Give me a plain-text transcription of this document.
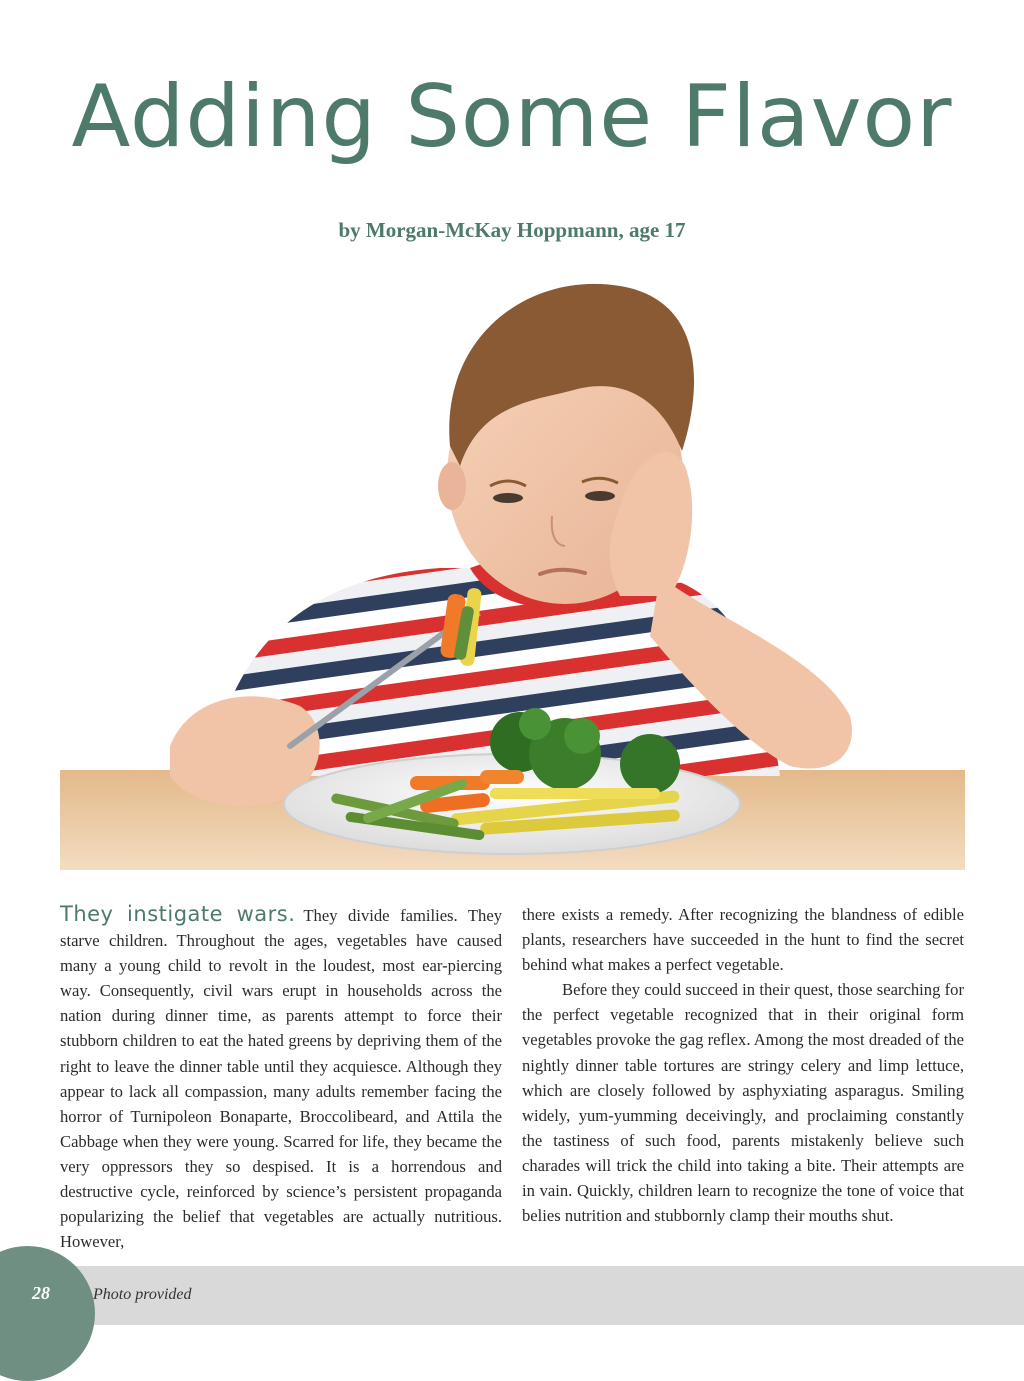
Adding Some Flavor
by Morgan-McKay Hoppmann, age 17

They instigate wars. They divide families. They starve children. Throughout the ages, vegetables have caused many a young child to revolt in the loudest, most ear-piercing way. Consequently, civil wars erupt in households across the nation during dinner time, as parents attempt to force their stubborn children to eat the hated greens by depriving them of the right to leave the dinner table until they acquiesce. Although they appear to lack all compassion, many adults remember facing the horror of Turnipoleon Bonaparte, Broccolibeard, and Attila the Cabbage when they were young. Scarred for life, they became the very oppressors they so despised. It is a horrendous and destructive cycle, reinforced by science’s persistent propaganda popularizing the belief that vegetables are actually nutritious. However,

there exists a remedy. After recognizing the blandness of edible plants, researchers have succeeded in the hunt to find the secret behind what makes a perfect vegetable.

Before they could succeed in their quest, those searching for the perfect vegetable recognized that in their original form vegetables provoke the gag reflex. Among the most dreaded of the nightly dinner table tortures are stringy celery and limp lettuce, which are closely followed by asphyxiating asparagus. Smiling widely, yum-yumming deceivingly, and proclaiming constantly the tastiness of such food, parents mistakenly believe such charades will trick the child into taking a bite. Their attempts are in vain. Quickly, children learn to recognize the tone of voice that belies nutrition and stubbornly clamp their mouths shut.

28	Photo provided
